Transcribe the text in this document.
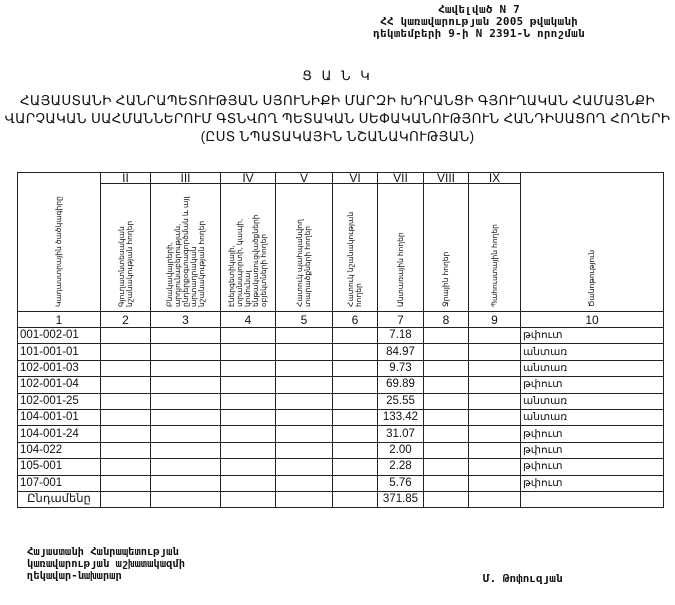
Հավելված N 7
ՀՀ կառավարության 2005 թվականի
դեկտեմբերի 9-ի N 2391-Ն որոշման
Ց Ա Ն Կ
ՀԱՅԱՍՏԱՆԻ ՀԱՆՐԱՊԵՏՈՒԹՅԱՆ ՍՅՈՒՆԻՔԻ ՄԱՐԶԻ ԽԴՐԱՆՑԻ ԳՅՈՒՂԱԿԱՆ ՀԱՄԱՅՆՔԻ
ՎԱՐՉԱԿԱՆ ՍԱՀՄԱՆՆԵՐՈՒՄ ԳՏՆՎՈՂ ՊԵՏԱԿԱՆ ՍԵՓԱԿԱՆՈՒԹՅՈՒՆ ՀԱՆԴԻՍԱՑՈՂ ՀՈՂԵՐԻ
(ԸՍՏ ՆՊԱՏԱԿԱՅԻՆ ՆՇԱՆԱԿՈՒԹՅԱՆ)
Կադաստրային ծածկագիրը	II	III	IV	V	VI	VII	VIII	IX	Ծանոթություն

	Գյուղատնտեսական նշանակության հողեր	Բնակավայրերի, արդյունաբերության, ընդերքօգտագործման և այլ արտադրական նշանակության հողեր	Էներգետիկայի, տրանսպորտի, կապի, կոմունալ ենթակառուցվածքների օբյեկտների հողեր	Հատուկ պահպանվող տարածքների հողեր	Հատուկ նշանակության հողեր	Անտառային հողեր	Ջրային հողեր	Պահուստային հողեր	

1	2	3	4	5	6	7	8	9	10
001-002-01						7.18			թփուտ
101-001-01						84.97			անտառ
102-001-03						9.73			անտառ
102-001-04						69.89			թփուտ
102-001-25						25.55			անտառ
104-001-01						133.42			անտառ
104-001-24						31.07			թփուտ
104-022						2.00			թփուտ
105-001						2.28			թփուտ
107-001						5.76			թփուտ
Ընդամենը						371.85			
Հայաստանի Հանրապետության
կառավարության աշխատակազմի
ղեկավար-նախարար	Մ. Թոփուզյան
